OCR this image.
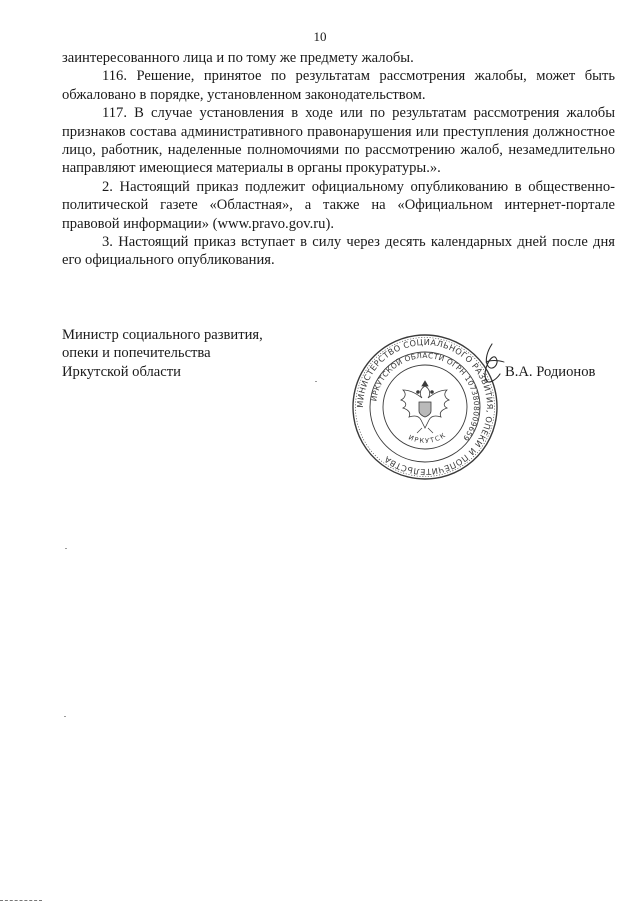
10

заинтересованного лица и по тому же предмету жалобы.

116. Решение, принятое по результатам рассмотрения жалобы, может быть обжаловано в порядке, установленном законодательством.

117. В случае установления в ходе или по результатам рассмотрения жалобы признаков состава административного правонарушения или преступления должностное лицо, работник, наделенные полномочиями по рассмотрению жалоб, незамедлительно направляют имеющиеся материалы в органы прокуратуры.».

2. Настоящий приказ подлежит официальному опубликованию в общественно-политической газете «Областная», а также на «Официальном интернет-портале правовой информации» (www.pravo.gov.ru).

3. Настоящий приказ вступает в силу через десять календарных дней после дня его официального опубликования.

Министр социального развития,
опеки и попечительства
Иркутской области
МИНИСТЕРСТВО СОЦИАЛЬНОГО РАЗВИТИЯ, ОПЕКИ И ПОПЕЧИТЕЛЬСТВА
ИРКУТСКОЙ ОБЛАСТИ ОГРН 1073808009659
ИРКУТСК
В.А. Родионов
